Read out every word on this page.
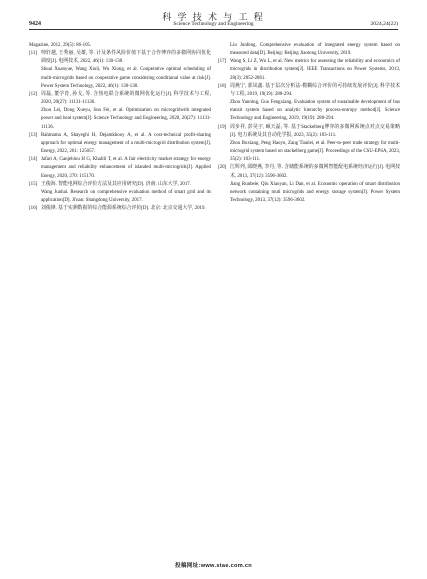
科 学 技 术 与 工 程
9424	Science Technology and Engineering	2024,24(22)
Magazine, 2012, 29(5): 86-105.
[11] 帅轩越, 王秀丽, 吴雄, 等. 计及条件风险价值下基于合作博弈的多微网协同优化调度[J]. 电网技术, 2022, 46(1): 130-138.
Shuai Xuanyue, Wang Xiuli, Wu Xiong, et al. Cooperative optimal scheduling of multi-microgrids based on cooperative game considering conditional value at risk[J]. Power System Technology, 2022, 46(1): 130-138.
[12] 周磊, 董学育, 孙戈, 等. 含热电联合系统的微网优化运行[J]. 科学技术与工程, 2020, 20(27): 11131-11136.
Zhou Lei, Dong Xueyu, Sun Fei, et al. Optimization on microgridwith integrated power and heat system[J]. Science Technology and Engineering, 2020, 20(27): 11131-11136.
[13] Rahmama A, Shayeghi H, Dejamkhooy A, et al. A cost-technical profit-sharing approach for optimal energy management of a multi-microgrid distribution system[J]. Energy, 2022, 261: 125057.
[14] Jafari A, Ganjehlou H G, Khalili T, et al. A fair electricity market strategy for energy management and reliability enhancement of islanded multi-microgrids[J]. Applied Energy, 2020, 270: 115170.
[15] 王俊海. 智能电网综合评价方法及其应用研究[D]. 济南: 山东大学, 2017.
Wang Junhai. Research on comprehensive evaluation method of smart grid and its application[D]. Ji'nan: Shangdong University, 2017.
[16] 刘俊锋. 基于实测数据的综合能源系统综合评价[D]. 北京: 北京交通大学, 2019.
Liu Junfeng. Comprehensive evaluation of integrated energy system based on measured data[D]. Beijing: Beijing Jiaotong University, 2019.
[17] Wang S, Li Z, Wu L, et al. New metrics for assessing the reliability and economics of microgrids in distribution system[J]. IEEE Transactions on Power Systems, 2013, 28(3): 2852-2861.
[18] 周燕宁, 郭凤鑫. 基于层次分析法-模糊综合评价的可持续发展评价[J]. 科学技术与工程, 2019, 19(19): 288-294.
Zhou Yanning, Guo Fengxiang. Evaluation system of sustainable development of bus transit system based on analytic hierarchy process-entropy method[J]. Science Technology and Engineering, 2019, 19(19): 288-294.
[19] 周步祥, 彭昊宇, 臧天磊, 等. 基于Stackelberg博弈的多微网系统点对点交易策略[J]. 电力系统及其自动化学报, 2023, 35(2): 103-111.
Zhou Buxiang, Peng Haoyu, Zang Tianlei, et al. Peer-to-peer trade strategy for multi-microgrid system based on stackelberg game[J]. Proceedings of the CSU-EPSA, 2023, 35(2): 103-111.
[20] 江辉列, 邱晓燕, 李丹, 等. 含储能系统的多微网智能配电系统经济运行[J]. 电网技术, 2013, 37(12): 3596-3602.
Jiang Runbeie, Qiu Xiaoyan, Li Dan, et al. Economic operation of smart distribution network containing muti microgrids and energy storage system[J]. Power System Technology, 2013, 37(12): 3596-3602.
投稿网址:www.stae.com.cn
